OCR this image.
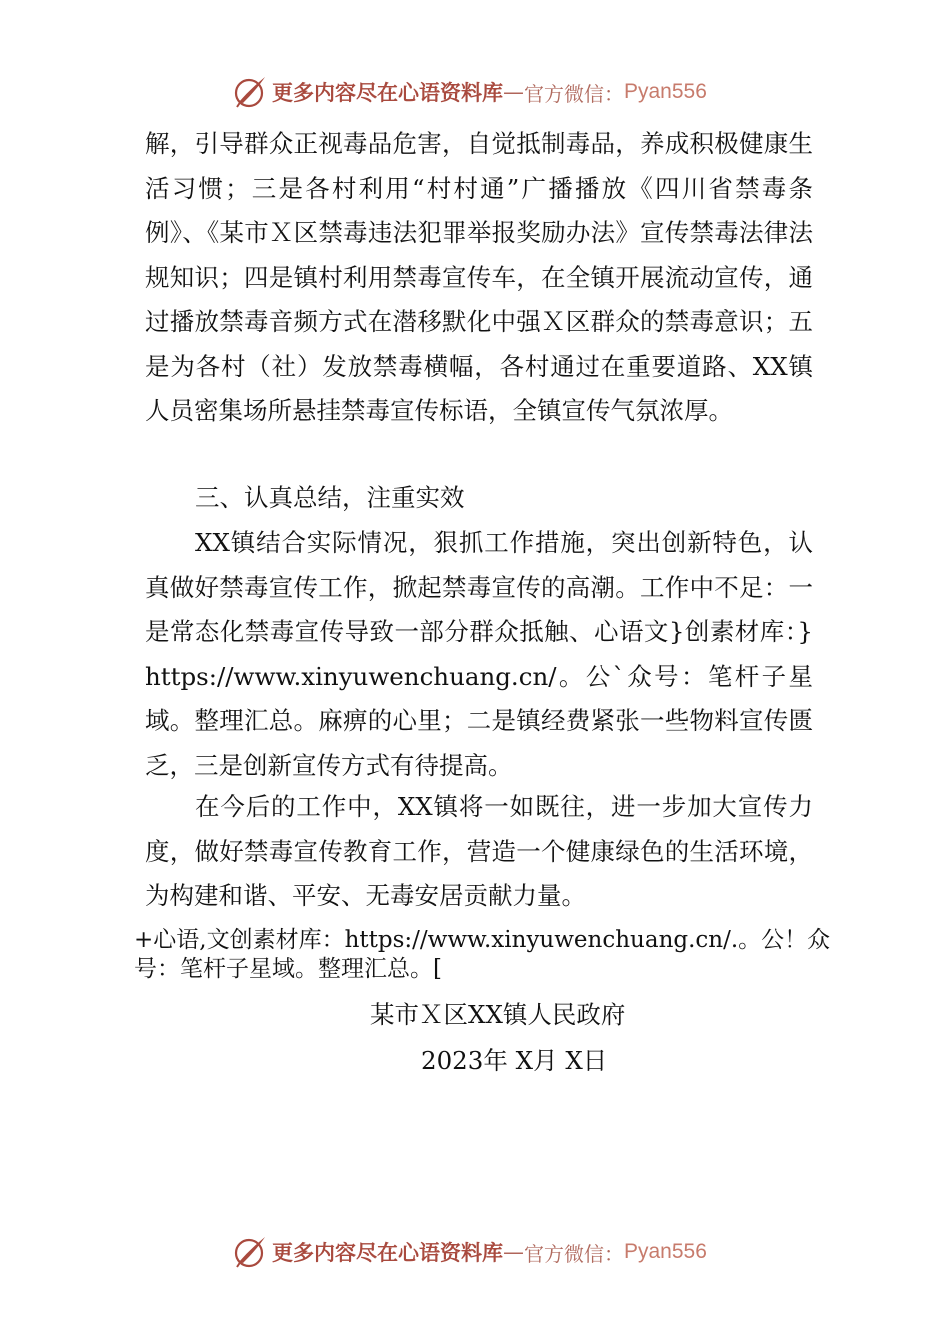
更多内容尽在心语资料库 — 官方微信： Pyan556

解，引导群众正视毒品危害，自觉抵制毒品，养成积极健康生活习惯；三是各村利用“村村通”广播播放《四川省禁毒条例》、《某市Ｘ区禁毒违法犯罪举报奖励办法》宣传禁毒法律法规知识；四是镇村利用禁毒宣传车，在全镇开展流动宣传，通过播放禁毒音频方式在潜移默化中强Ｘ区群众的禁毒意识；五是为各村（社）发放禁毒横幅，各村通过在重要道路、XX镇人员密集场所悬挂禁毒宣传标语，全镇宣传气氛浓厚。

三、认真总结，注重实效

XX镇结合实际情况，狠抓工作措施，突出创新特色，认真做好禁毒宣传工作，掀起禁毒宣传的高潮。工作中不足：一是常态化禁毒宣传导致一部分群众抵触、心语文}创素材库：}https://www.xinyuwenchuang.cn/。公`众号：笔杆子星域。整理汇总。麻痹的心里；二是镇经费紧张一些物料宣传匮乏，三是创新宣传方式有待提高。

在今后的工作中，XX镇将一如既往，进一步加大宣传力度，做好禁毒宣传教育工作，营造一个健康绿色的生活环境，为构建和谐、平安、无毒安居贡献力量。

+心语,文创素材库：https://www.xinyuwenchuang.cn/.。公！众号：笔杆子星域。整理汇总。[

某市Ｘ区XX镇人民政府
2023年 X月 X日
更多内容尽在心语资料库 — 官方微信： Pyan556
